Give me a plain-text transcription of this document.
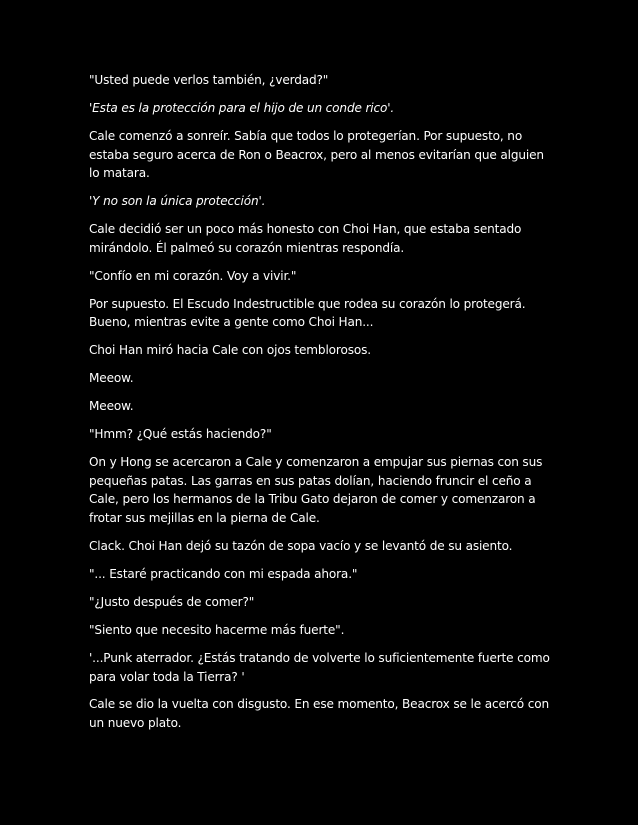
"Usted puede verlos también, ¿verdad?"

'Esta es la protección para el hijo de un conde rico'.

Cale comenzó a sonreír. Sabía que todos lo protegerían. Por supuesto, no estaba seguro acerca de Ron o Beacrox, pero al menos evitarían que alguien lo matara.

'Y no son la única protección'.

Cale decidió ser un poco más honesto con Choi Han, que estaba sentado mirándolo. Él palmeó su corazón mientras respondía.

"Confío en mi corazón. Voy a vivir."

Por supuesto. El Escudo Indestructible que rodea su corazón lo protegerá. Bueno, mientras evite a gente como Choi Han...

Choi Han miró hacia Cale con ojos temblorosos.

Meeow.

Meeow.

"Hmm? ¿Qué estás haciendo?"

On y Hong se acercaron a Cale y comenzaron a empujar sus piernas con sus pequeñas patas. Las garras en sus patas dolían, haciendo fruncir el ceño a Cale, pero los hermanos de la Tribu Gato dejaron de comer y comenzaron a frotar sus mejillas en la pierna de Cale.

Clack. Choi Han dejó su tazón de sopa vacío y se levantó de su asiento.

"... Estaré practicando con mi espada ahora."

"¿Justo después de comer?"

"Siento que necesito hacerme más fuerte".

'...Punk aterrador. ¿Estás tratando de volverte lo suficientemente fuerte como para volar toda la Tierra? '

Cale se dio la vuelta con disgusto. En ese momento, Beacrox se le acercó con un nuevo plato.
